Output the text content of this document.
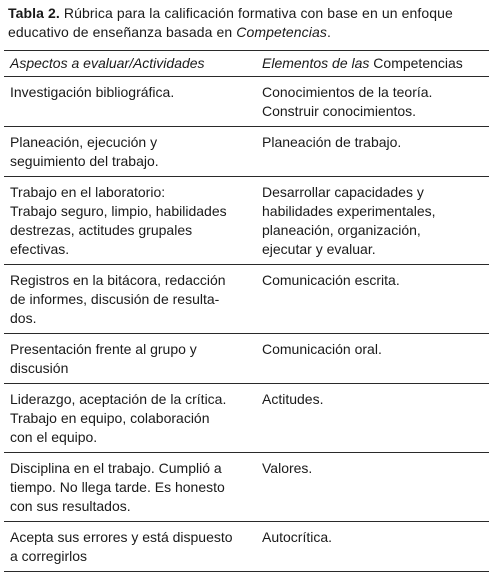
Tabla 2. Rúbrica para la calificación formativa con base en un enfoque
educativo de enseñanza basada en Competencias.
Aspectos a evaluar/Actividades	Elementos de las Competencias

Investigación bibliográfica.	Conocimientos de la teoría.
Construir conocimientos.

Planeación, ejecución y
seguimiento del trabajo.	Planeación de trabajo.

Trabajo en el laboratorio:
Trabajo seguro, limpio, habilidades
destrezas, actitudes grupales
efectivas.	Desarrollar capacidades y
habilidades experimentales,
planeación, organización,
ejecutar y evaluar.

Registros en la bitácora, redacción
de informes, discusión de resulta-
dos.	Comunicación escrita.

Presentación frente al grupo y
discusión	Comunicación oral.

Liderazgo, aceptación de la crítica.
Trabajo en equipo, colaboración
con el equipo.	Actitudes.

Disciplina en el trabajo. Cumplió a
tiempo. No llega tarde. Es honesto
con sus resultados.	Valores.

Acepta sus errores y está dispuesto
a corregirlos	Autocrítica.
